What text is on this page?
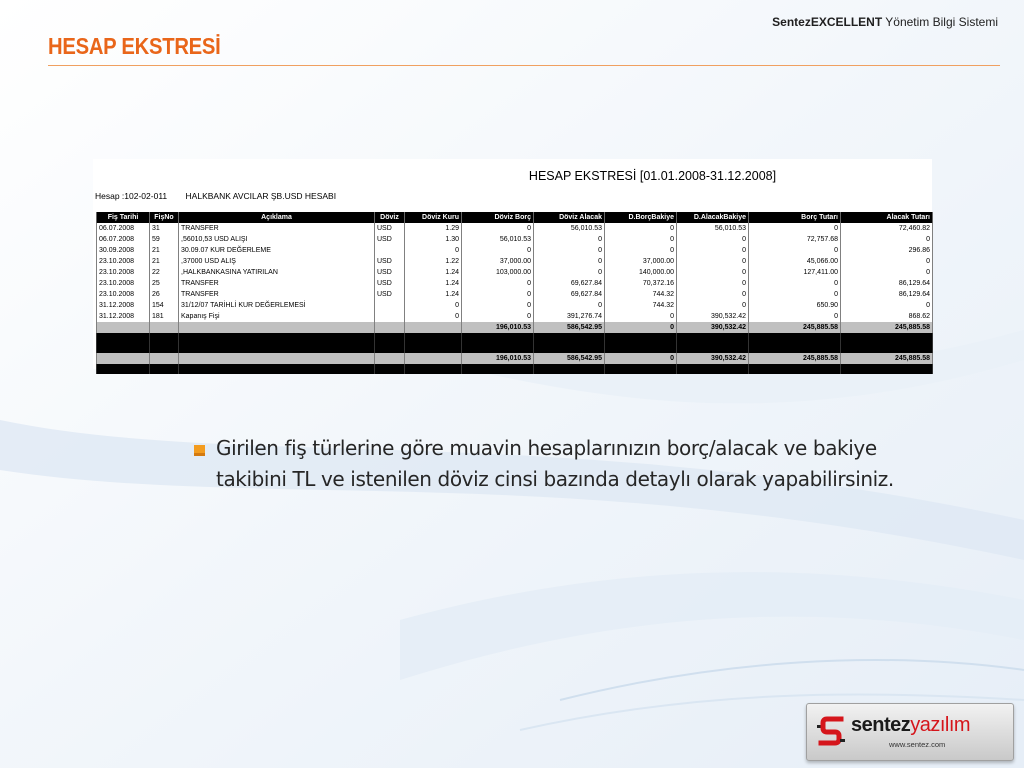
SentezEXCELLENT Yönetim Bilgi Sistemi
HESAP EKSTRESİ
HESAP EKSTRESİ [01.01.2008-31.12.2008]
Hesap :102-02-011 HALKBANK AVCILAR ŞB.USD HESABI
Fiş Tarihi	FişNo	Açıklama	Döviz	Döviz Kuru	Döviz Borç	Döviz Alacak	D.BorçBakiye	D.AlacakBakiye	Borç Tutarı	Alacak Tutarı
06.07.2008	31	TRANSFER	USD	1.29	0	56,010.53	0	56,010.53	0	72,460.82
06.07.2008	59	,56010,53 USD ALIŞI	USD	1.30	56,010.53	0	0	0	72,757.68	0
30.09.2008	21	30.09.07 KUR DEĞERLEME		0	0	0	0	0	0	296.86
23.10.2008	21	,37000 USD ALIŞ	USD	1.22	37,000.00	0	37,000.00	0	45,066.00	0
23.10.2008	22	,HALKBANKASINA YATIRILAN	USD	1.24	103,000.00	0	140,000.00	0	127,411.00	0
23.10.2008	25	TRANSFER	USD	1.24	0	69,627.84	70,372.16	0	0	86,129.64
23.10.2008	26	TRANSFER	USD	1.24	0	69,627.84	744.32	0	0	86,129.64
31.12.2008	154	31/12/07 TARİHLİ KUR DEĞERLEMESİ		0	0	0	744.32	0	650.90	0
31.12.2008	181	Kapanış Fişi		0	0	391,276.74	0	390,532.42	0	868.62
					196,010.53	586,542.95	0	390,532.42	245,885.58	245,885.58

					196,010.53	586,542.95	0	390,532.42	245,885.58	245,885.58

Girilen fiş türlerine göre muavin hesaplarınızın borç/alacak ve bakiye takibini TL ve istenilen döviz cinsi bazında detaylı olarak yapabilirsiniz.
sentezyazılım
www.sentez.com
